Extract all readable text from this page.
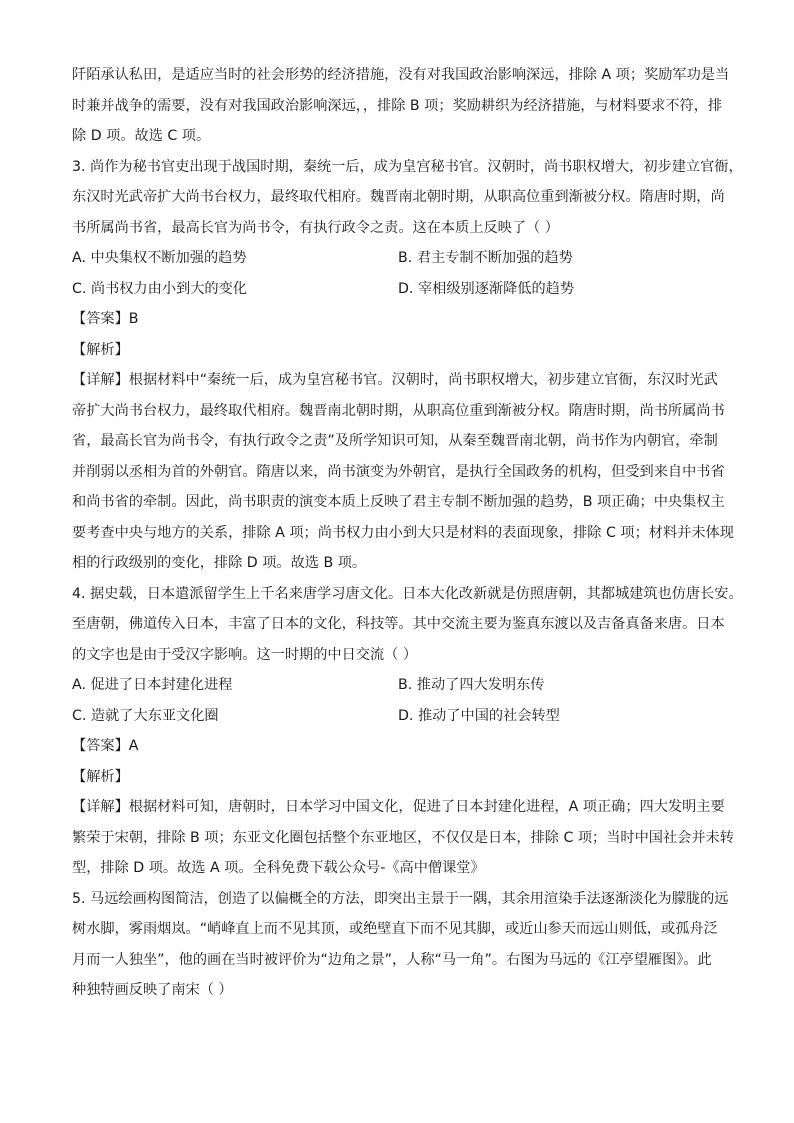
阡陌承认私田，是适应当时的社会形势的经济措施，没有对我国政治影响深远，排除 A 项；奖励军功是当
时兼并战争的需要，没有对我国政治影响深远，，排除 B 项；奖励耕织为经济措施，与材料要求不符，排
除 D 项。故选 C 项。
3. 尚作为秘书官吏出现于战国时期，秦统一后，成为皇宫秘书官。汉朝时，尚书职权增大，初步建立官衙，
东汉时光武帝扩大尚书台权力，最终取代相府。魏晋南北朝时期，从职高位重到渐被分权。隋唐时期，尚
书所属尚书省，最高长官为尚书令，有执行政令之责。这在本质上反映了（ ）
A. 中央集权不断加强的趋势	B. 君主专制不断加强的趋势
C. 尚书权力由小到大的变化	D. 宰相级别逐渐降低的趋势
【答案】B
【解析】
【详解】根据材料中“秦统一后，成为皇宫秘书官。汉朝时，尚书职权增大，初步建立官衙，东汉时光武
帝扩大尚书台权力，最终取代相府。魏晋南北朝时期，从职高位重到渐被分权。隋唐时期，尚书所属尚书
省，最高长官为尚书令，有执行政令之责”及所学知识可知，从秦至魏晋南北朝，尚书作为内朝官，牵制
并削弱以丞相为首的外朝官。隋唐以来，尚书演变为外朝官，是执行全国政务的机构，但受到来自中书省
和尚书省的牵制。因此，尚书职责的演变本质上反映了君主专制不断加强的趋势，B 项正确；中央集权主
要考查中央与地方的关系，排除 A 项；尚书权力由小到大只是材料的表面现象，排除 C 项；材料并未体现
相的行政级别的变化，排除 D 项。故选 B 项。
4. 据史载，日本遣派留学生上千名来唐学习唐文化。日本大化改新就是仿照唐朝，其都城建筑也仿唐长安。
至唐朝，佛道传入日本，丰富了日本的文化，科技等。其中交流主要为鉴真东渡以及吉备真备来唐。日本
的文字也是由于受汉字影响。这一时期的中日交流（ ）
A. 促进了日本封建化进程	B. 推动了四大发明东传
C. 造就了大东亚文化圈	D. 推动了中国的社会转型
【答案】A
【解析】
【详解】根据材料可知，唐朝时，日本学习中国文化，促进了日本封建化进程，A 项正确；四大发明主要
繁荣于宋朝，排除 B 项；东亚文化圈包括整个东亚地区，不仅仅是日本，排除 C 项；当时中国社会并未转
型，排除 D 项。故选 A 项。全科免费下载公众号-《高中僧课堂》
5. 马远绘画构图简洁，创造了以偏概全的方法，即突出主景于一隅，其余用渲染手法逐渐淡化为朦胧的远
树水脚，雾雨烟岚。“峭峰直上而不见其顶，或绝壁直下而不见其脚，或近山参天而远山则低，或孤舟泛
月而一人独坐”，他的画在当时被评价为“边角之景”，人称“马一角”。右图为马远的《江亭望雁图》。此
种独特画反映了南宋（ ）
